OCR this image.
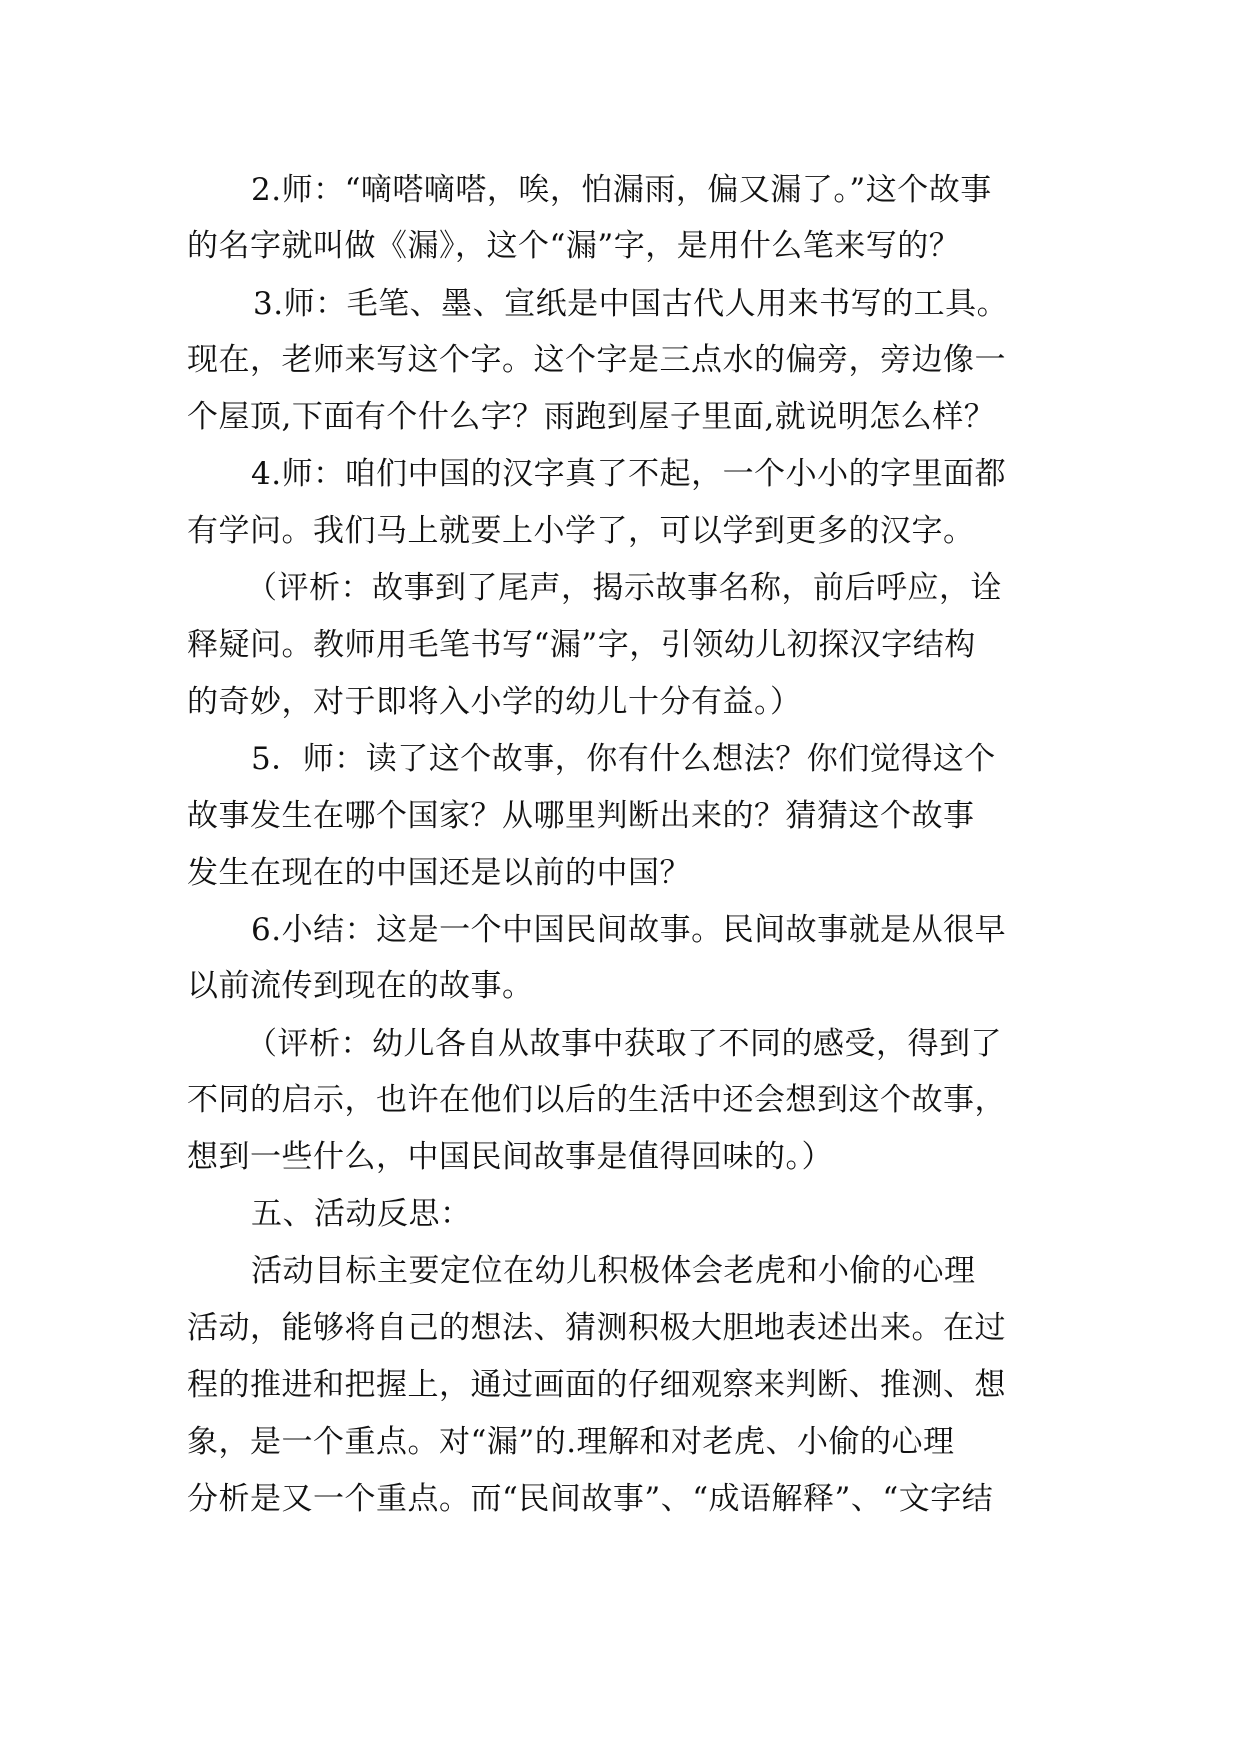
2.师：“嘀嗒嘀嗒，唉，怕漏雨，偏又漏了。”这个故事
的名字就叫做《漏》，这个“漏”字，是用什么笔来写的？
3.师：毛笔、墨、宣纸是中国古代人用来书写的工具。
现在，老师来写这个字。这个字是三点水的偏旁，旁边像一
个屋顶,下面有个什么字？雨跑到屋子里面,就说明怎么样？
4.师：咱们中国的汉字真了不起，一个小小的字里面都
有学问。我们马上就要上小学了，可以学到更多的汉字。
（评析：故事到了尾声，揭示故事名称，前后呼应，诠
释疑问。教师用毛笔书写“漏”字，引领幼儿初探汉字结构
的奇妙，对于即将入小学的幼儿十分有益。）
5．师：读了这个故事，你有什么想法？你们觉得这个
故事发生在哪个国家？从哪里判断出来的？猜猜这个故事
发生在现在的中国还是以前的中国？
6.小结：这是一个中国民间故事。民间故事就是从很早
以前流传到现在的故事。
（评析：幼儿各自从故事中获取了不同的感受，得到了
不同的启示，也许在他们以后的生活中还会想到这个故事，
想到一些什么，中国民间故事是值得回味的。）
五、活动反思：
活动目标主要定位在幼儿积极体会老虎和小偷的心理
活动，能够将自己的想法、猜测积极大胆地表述出来。在过
程的推进和把握上，通过画面的仔细观察来判断、推测、想
象，是一个重点。对“漏”的.理解和对老虎、小偷的心理
分析是又一个重点。而“民间故事”、“成语解释”、“文字结
